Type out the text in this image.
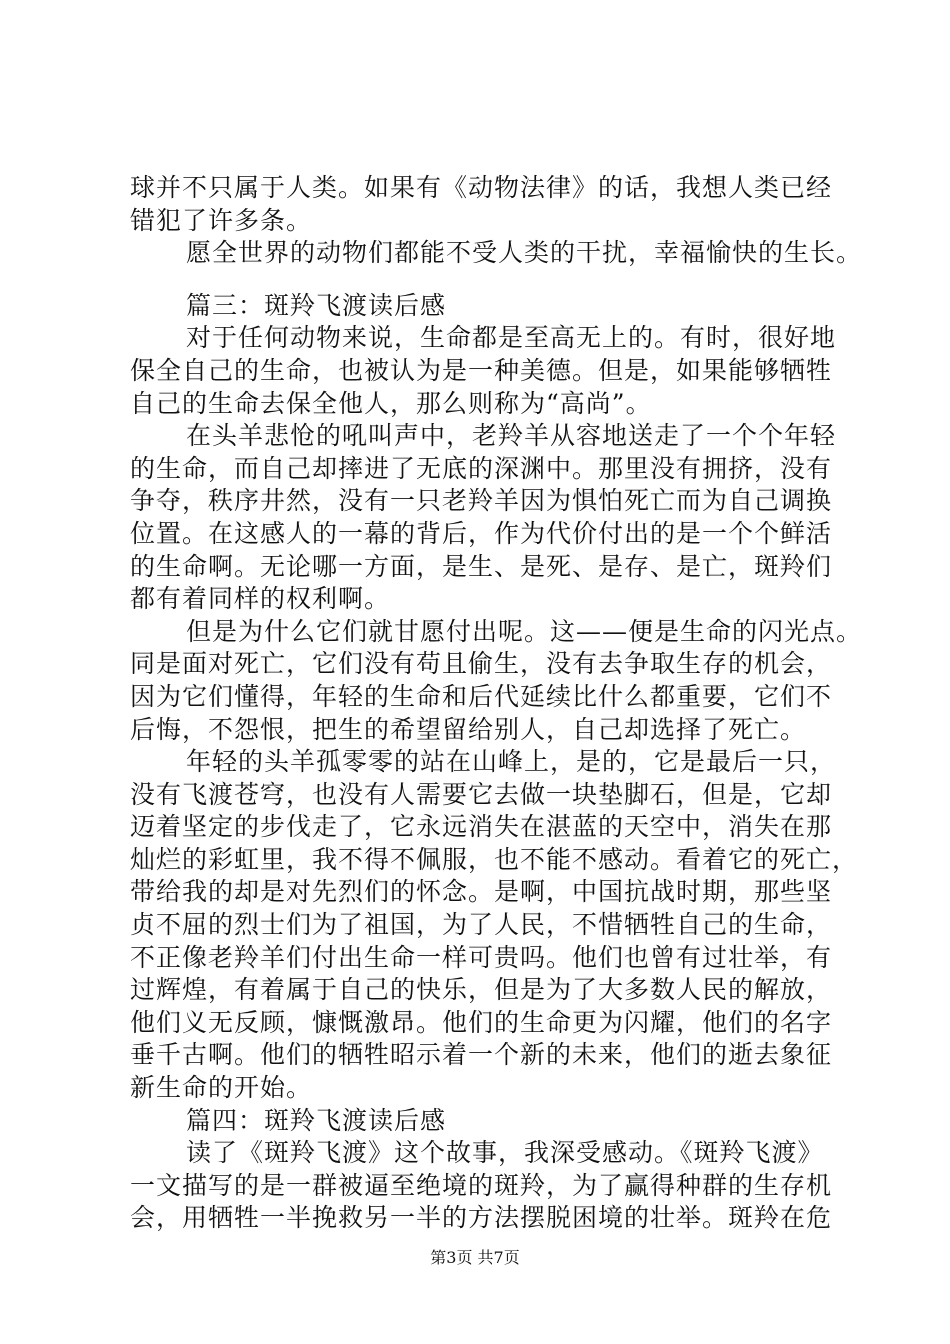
球并不只属于人类。如果有《动物法律》的话，我想人类已经
错犯了许多条。
愿全世界的动物们都能不受人类的干扰，幸福愉快的生长。
篇三：斑羚飞渡读后感
对于任何动物来说，生命都是至高无上的。有时，很好地
保全自己的生命，也被认为是一种美德。但是，如果能够牺牲
自己的生命去保全他人，那么则称为“高尚”。
在头羊悲怆的吼叫声中，老羚羊从容地送走了一个个年轻
的生命，而自己却摔进了无底的深渊中。那里没有拥挤，没有
争夺，秩序井然，没有一只老羚羊因为惧怕死亡而为自己调换
位置。在这感人的一幕的背后，作为代价付出的是一个个鲜活
的生命啊。无论哪一方面，是生、是死、是存、是亡，斑羚们
都有着同样的权利啊。
但是为什么它们就甘愿付出呢。这——便是生命的闪光点。
同是面对死亡，它们没有苟且偷生，没有去争取生存的机会，
因为它们懂得，年轻的生命和后代延续比什么都重要，它们不
后悔，不怨恨，把生的希望留给别人，自己却选择了死亡。
年轻的头羊孤零零的站在山峰上，是的，它是最后一只，
没有飞渡苍穹，也没有人需要它去做一块垫脚石，但是，它却
迈着坚定的步伐走了，它永远消失在湛蓝的天空中，消失在那
灿烂的彩虹里，我不得不佩服，也不能不感动。看着它的死亡，
带给我的却是对先烈们的怀念。是啊，中国抗战时期，那些坚
贞不屈的烈士们为了祖国，为了人民，不惜牺牲自己的生命，
不正像老羚羊们付出生命一样可贵吗。他们也曾有过壮举，有
过辉煌，有着属于自己的快乐，但是为了大多数人民的解放，
他们义无反顾，慷慨激昂。他们的生命更为闪耀，他们的名字
垂千古啊。他们的牺牲昭示着一个新的未来，他们的逝去象征
新生命的开始。
篇四：斑羚飞渡读后感
读了《斑羚飞渡》这个故事，我深受感动。《斑羚飞渡》
一文描写的是一群被逼至绝境的斑羚，为了赢得种群的生存机
会，用牺牲一半挽救另一半的方法摆脱困境的壮举。斑羚在危
第3页 共7页
